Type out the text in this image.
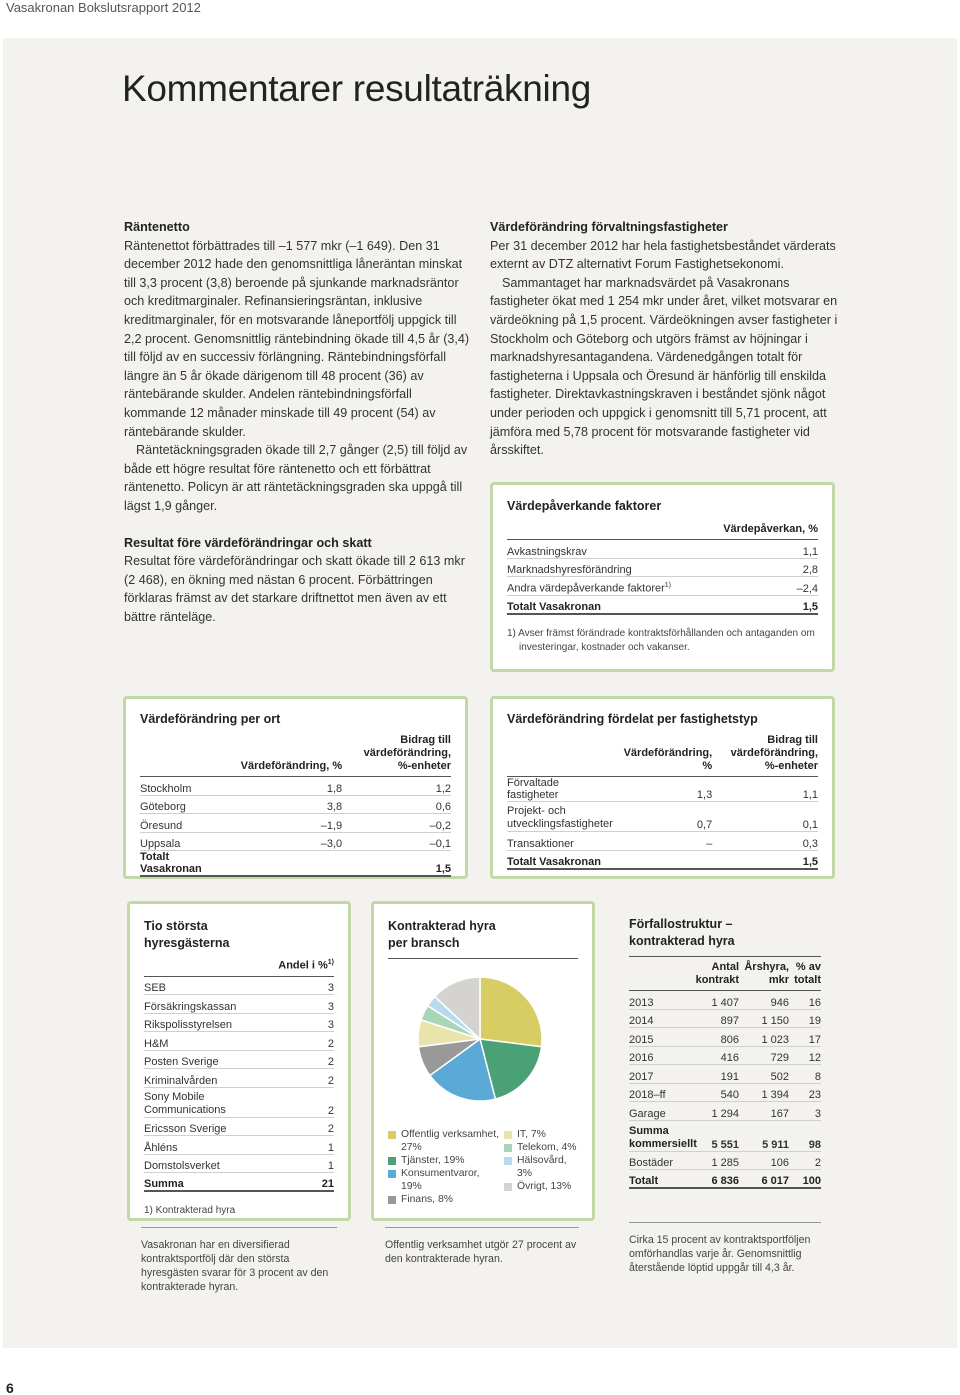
Vasakronan Bokslutsrapport 2012
Kommentarer resultaträkning
Räntenetto

Räntenettot förbättrades till –1 577 mkr (–1 649). Den 31 december 2012 hade den genomsnittliga låneräntan minskat till 3,3 procent (3,8) beroende på sjunkande marknadsräntor och kreditmarginaler. Refinansieringsräntan, inklusive kreditmarginaler, för en motsvarande låneportfölj uppgick till 2,2 procent. Genomsnittlig räntebindning ökade till 4,5 år (3,4) till följd av en successiv förlängning. Räntebindningsförfall längre än 5 år ökade därigenom till 48 procent (36) av räntebärande skulder. Andelen räntebindningsförfall kommande 12 månader minskade till 49 procent (54) av räntebärande skulder.

Räntetäckningsgraden ökade till 2,7 gånger (2,5) till följd av både ett högre resultat före räntenetto och ett förbättrat räntenetto. Policyn är att räntetäckningsgraden ska uppgå till lägst 1,9 gånger.

Resultat före värdeförändringar och skatt

Resultat före värdeförändringar och skatt ökade till 2 613 mkr (2 468), en ökning med nästan 6 procent. Förbättringen förklaras främst av det starkare driftnettot men även av ett bättre ränteläge.

Värdeförändring förvaltningsfastigheter

Per 31 december 2012 har hela fastighetsbeståndet värderats externt av DTZ alternativt Forum Fastighetsekonomi.

Sammantaget har marknadsvärdet på Vasakronans fastigheter ökat med 1 254 mkr under året, vilket motsvarar en värdeökning på 1,5 procent. Värdeökningen avser fastigheter i Stockholm och Göteborg och utgörs främst av höjningar i marknadshyresantagandena. Värdenedgången totalt för fastigheterna i Uppsala och Öresund är hänförlig till enskilda fastigheter. Direktavkastningskraven i beståndet sjönk något under perioden och uppgick i genomsnitt till 5,71 procent, att jämföra med 5,78 procent för motsvarande fastigheter vid årsskiftet.

Värdepåverkande faktorer
	Värdepåverkan, %
Avkastningskrav	1,1
Marknadshyresförändring	2,8
Andra värdepåverkande faktorer$^{1)}$	–2,4
Totalt Vasakronan	1,5

1) Avser främst förändrade kontraktsförhållanden och antaganden om investeringar, kostnader och vakanser.

Värdeförändring per ort
	Värdeförändring, %	Bidrag till värdeförändring, %-enheter
Stockholm	1,8	1,2
Göteborg	3,8	0,6
Öresund	–1,9	–0,2
Uppsala	–3,0	–0,1
Totalt Vasakronan		1,5
Värdeförändring fördelat per fastighetstyp
	Värdeförändring, %	Bidrag till värdeförändring, %-enheter
Förvaltade fastigheter	1,3	1,1
Projekt- och utvecklingsfastigheter	0,7	0,1
Transaktioner	–	0,3
Totalt Vasakronan		1,5
Tio största hyresgästerna
	Andel i %$^{1)}$
SEB	3
Försäkringskassan	3
Rikspolisstyrelsen	3
H&M	2
Posten Sverige	2
Kriminalvården	2
Sony Mobile Communications	2
Ericsson Sverige	2
Åhléns	1
Domstolsverket	1
Summa	21

1) Kontrakterad hyra

Vasakronan har en diversifierad kontraktsportfölj där den största hyresgästen svarar för 3 procent av den kontrakterade hyran.
Kontrakterad hyra per bransch
Offentlig verksamhet, 27%
Tjänster, 19%
Konsumentvaror, 19%
Finans, 8%
IT, 7%
Telekom, 4%
Hälsovård, 3%
Övrigt, 13%
Offentlig verksamhet utgör 27 procent av den kontrakterade hyran.
Förfallostruktur – kontrakterad hyra
	Antal kontrakt	Årshyra, mkr	% av totalt
2013	1 407	946	16
2014	897	1 150	19
2015	806	1 023	17
2016	416	729	12
2017	191	502	8
2018–ff	540	1 394	23
Garage	1 294	167	3
Summa kommersiellt	5 551	5 911	98
Bostäder	1 285	106	2
Totalt	6 836	6 017	100
Cirka 15 procent av kontraktsportföljen omförhandlas varje år. Genomsnittlig återstående löptid uppgår till 4,3 år.
6
